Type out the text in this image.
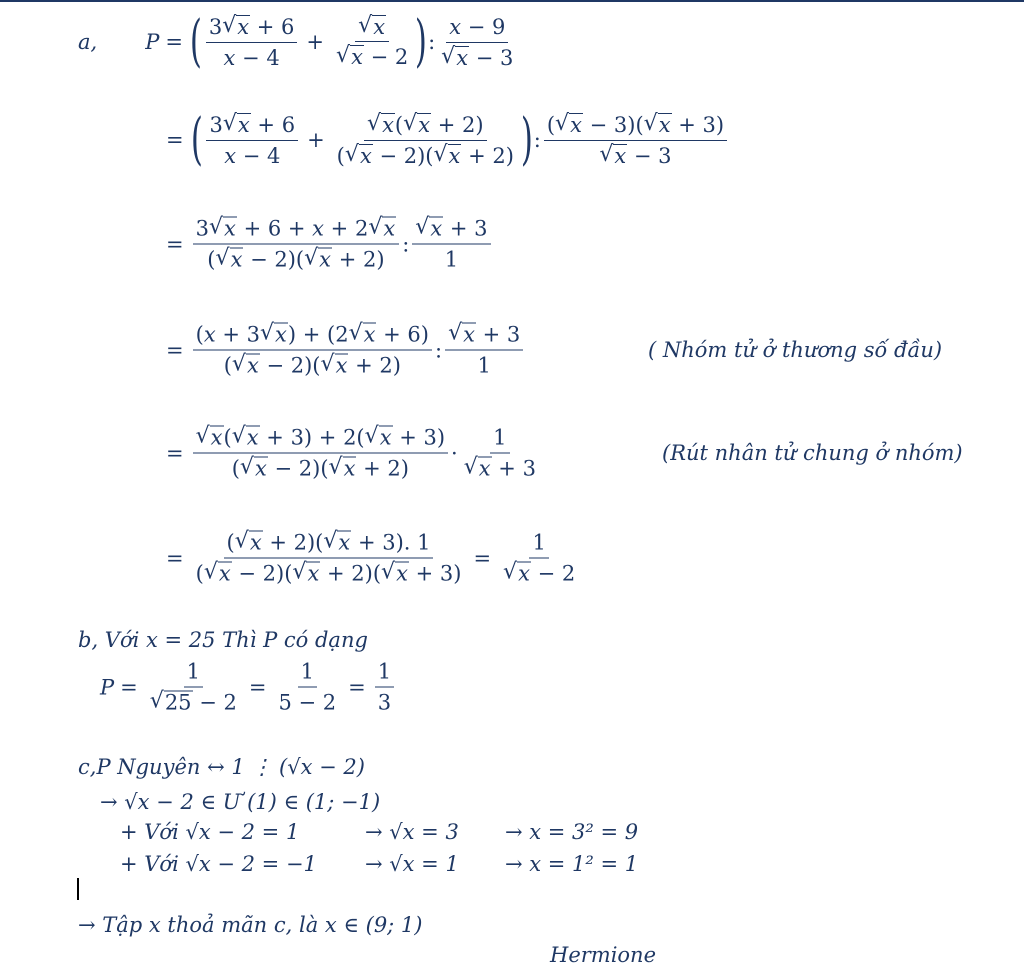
a, P = ( $\frac{3 √ x + 6}{x - 4} + \frac{√ x}{√ x - 2}$ ) : $\frac{x - 9}{√ x - 3}$
= ( $\frac{3 √ x + 6}{x - 4} + \frac{√ x ( √ x + 2)}{( √ x - 2)( √ x + 2)}$ ) : $\frac{( √ x - 3)( √ x + 3)}{√ x - 3}$
= $\frac{3 √ x + 6 + x + 2 √ x}{( √ x - 2)( √ x + 2)}$ : $\frac{√ x + 3}{1}$
= $\frac{( x + 3 √ x ) + (2 √ x + 6)}{( √ x - 2)( √ x + 2)}$ : $\frac{√ x + 3}{1}$	( Nhóm tử ở thương số đầu)
= $\frac{√ x ( √ x + 3) + 2( √ x + 3)}{( √ x - 2)( √ x + 2)} \cdot \frac{1}{√ x + 3}$	(Rút nhân tử chung ở nhóm)
= $\frac{( √ x + 2)( √ x + 3). 1}{( √ x - 2)( √ x + 2)( √ x + 3)} = \frac{1}{√ x - 2}$
b, Với x = 25 Thì P có dạng
$P = \frac{1}{√ 25 - 2} = \frac{1}{5 - 2} = \frac{1}{3}$
c, P Nguyên ↔ 1 ⋮ (√x − 2)
→ √x − 2 ∈ Ư (1) ∈ (1; −1)
+ Với √x − 2 = 1	→ √x = 3 → x = 3² = 9
+ Với √x − 2 = −1 → √x = 1 → x = 1² = 1
→ Tập x thoả mãn c, là x ∈ (9; 1)
Hermione
